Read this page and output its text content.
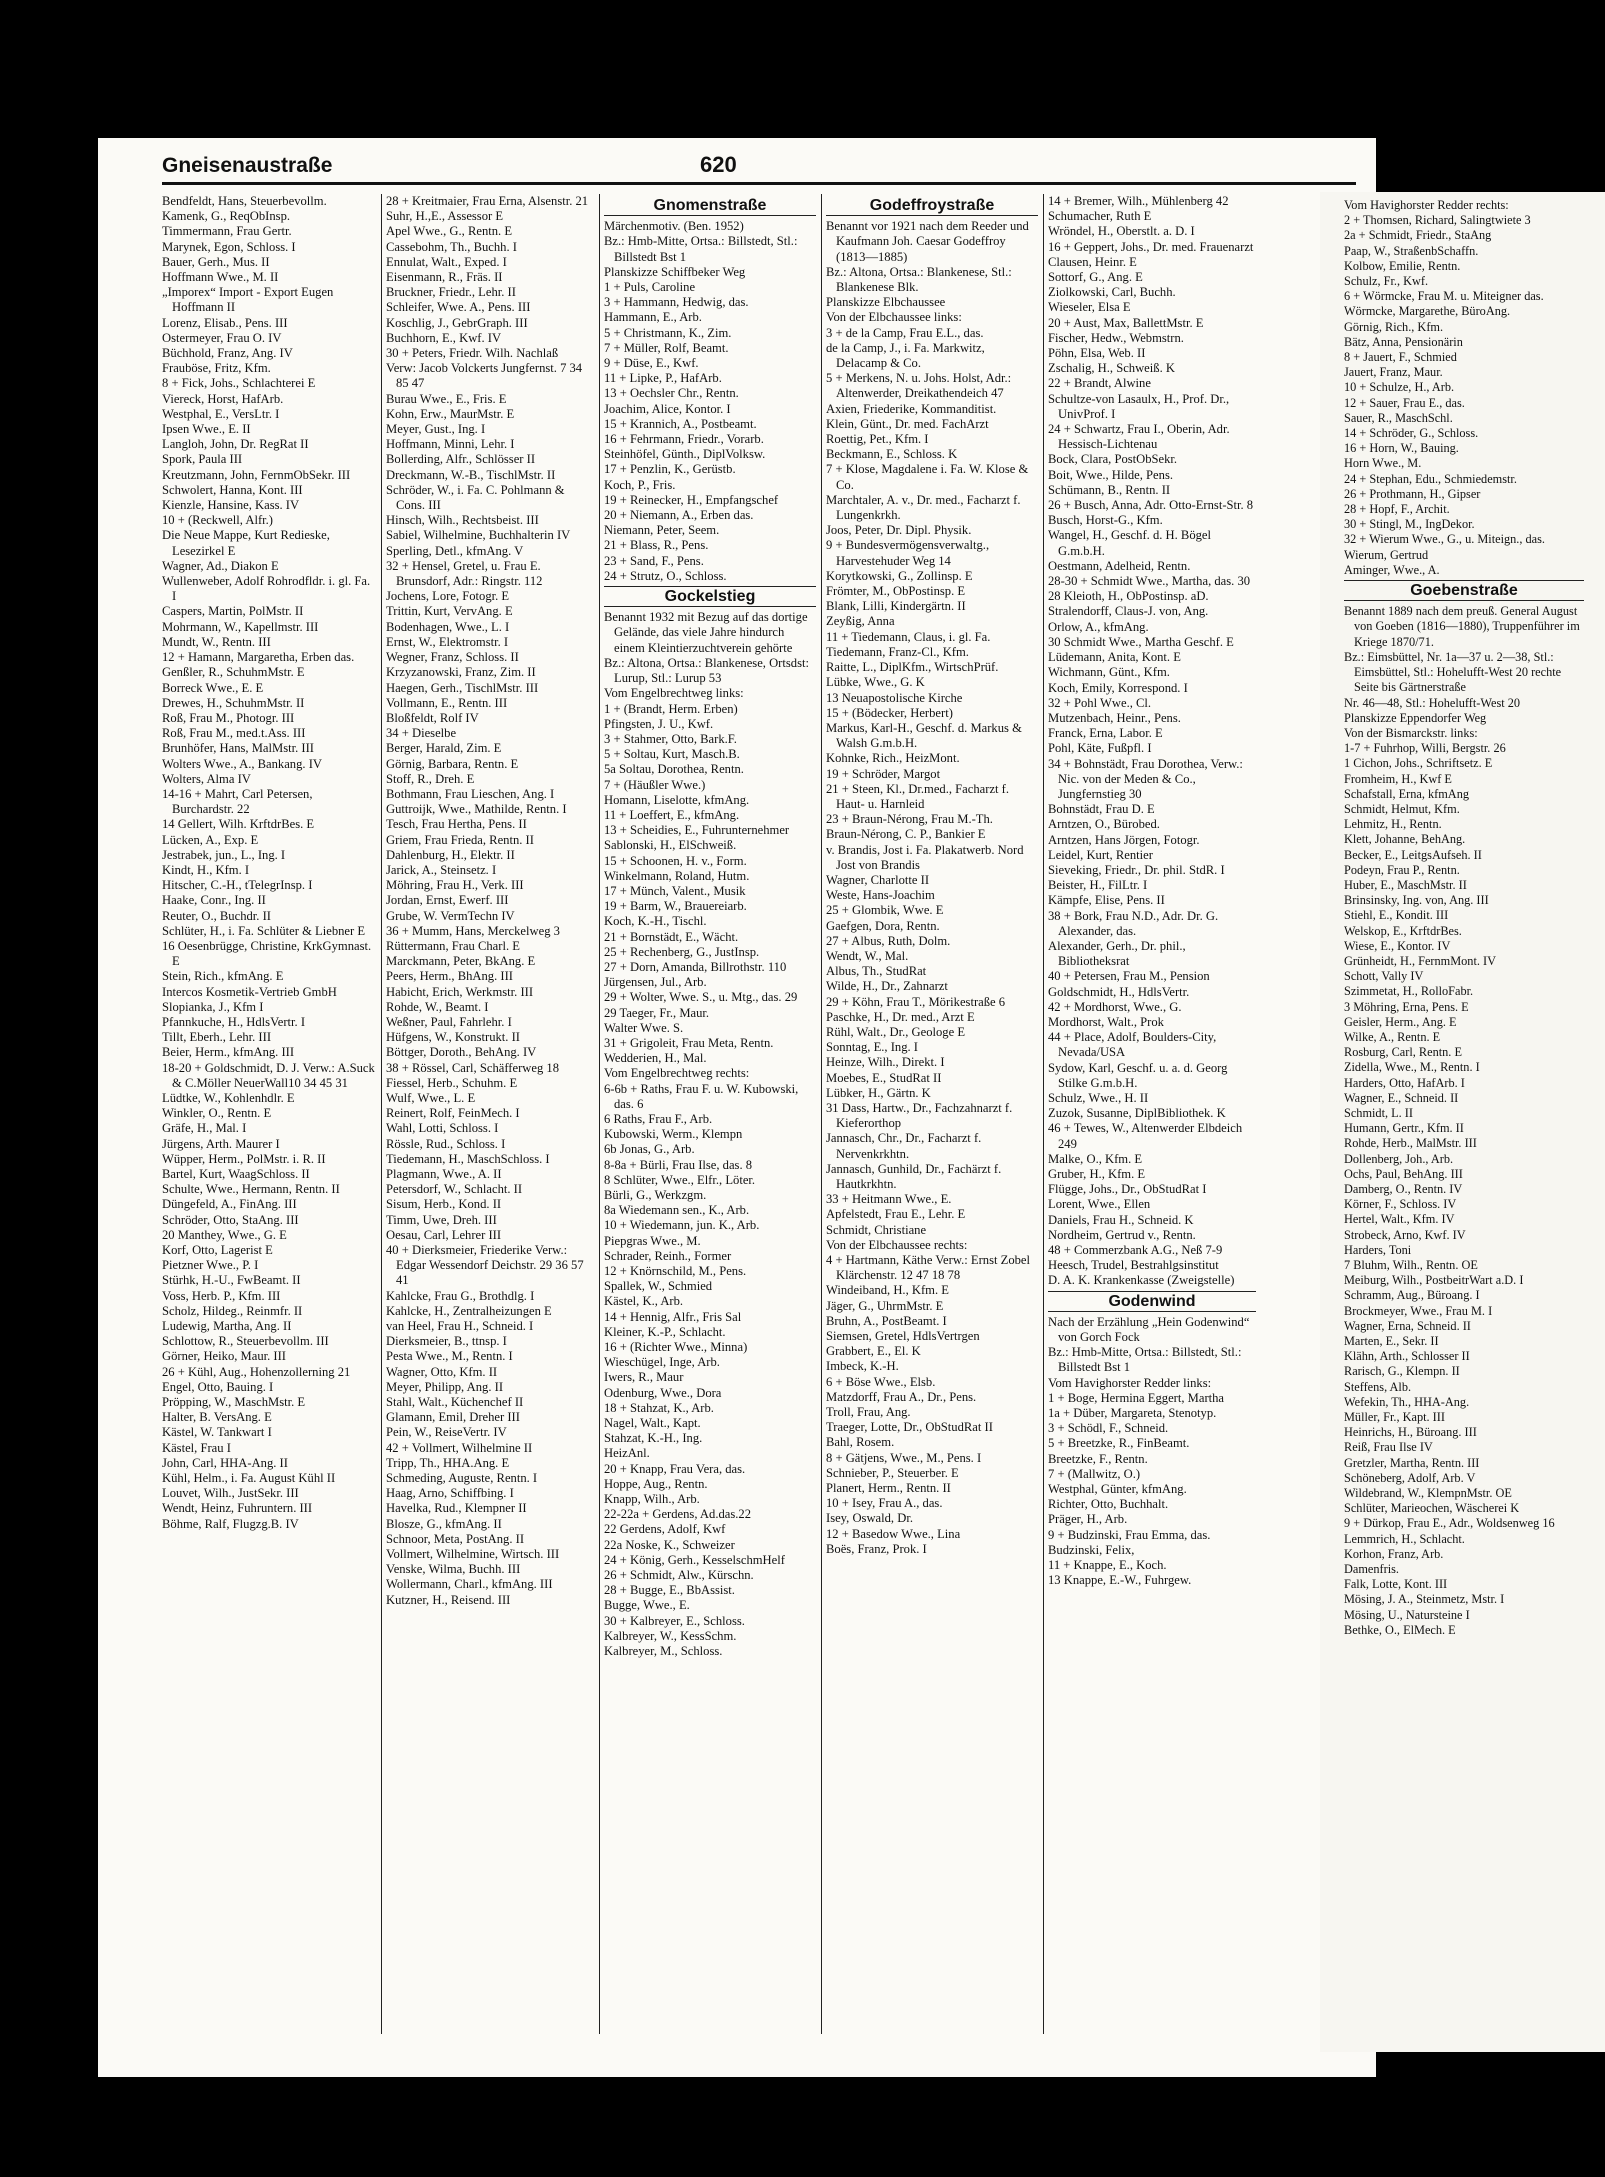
Gneisenaustraße	620

Bendfeldt, Hans, Steuerbevollm.

Kamenk, G., ReqObInsp.

Timmermann, Frau Gertr.

Marynek, Egon, Schloss. I

Bauer, Gerh., Mus. II

Hoffmann Wwe., M. II

„Imporex“ Import - Export Eugen Hoffmann II

Lorenz, Elisab., Pens. III

Ostermeyer, Frau O. IV

Büchhold, Franz, Ang. IV

Frauböse, Fritz, Kfm.

8 + Fick, Johs., Schlachterei E

Viereck, Horst, HafArb.

Westphal, E., VersLtr. I

Ipsen Wwe., E. II

Langloh, John, Dr. RegRat II

Spork, Paula III

Kreutzmann, John, FernmObSekr. III

Schwolert, Hanna, Kont. III

Kienzle, Hansine, Kass. IV

10 + (Reckwell, Alfr.)

Die Neue Mappe, Kurt Redieske, Lesezirkel E

Wagner, Ad., Diakon E

Wullenweber, Adolf Rohrodfldr. i. gl. Fa. I

Caspers, Martin, PolMstr. II

Mohrmann, W., Kapellmstr. III

Mundt, W., Rentn. III

12 + Hamann, Margaretha, Erben das.

Genßler, R., SchuhmMstr. E

Borreck Wwe., E. E

Drewes, H., SchuhmMstr. II

Roß, Frau M., Photogr. III

Roß, Frau M., med.t.Ass. III

Brunhöfer, Hans, MalMstr. III

Wolters Wwe., A., Bankang. IV

Wolters, Alma IV

14-16 + Mahrt, Carl Petersen, Burchardstr. 22

14 Gellert, Wilh. KrftdrBes. E

Lücken, A., Exp. E

Jestrabek, jun., L., Ing. I

Kindt, H., Kfm. I

Hitscher, C.-H., tTelegrInsp. I

Haake, Conr., Ing. II

Reuter, O., Buchdr. II

Schlüter, H., i. Fa. Schlüter & Liebner E

16 Oesenbrügge, Christine, KrkGymnast. E

Stein, Rich., kfmAng. E

Intercos Kosmetik-Vertrieb GmbH

Slopianka, J., Kfm I

Pfannkuche, H., HdlsVertr. I

Tillt, Eberh., Lehr. III

Beier, Herm., kfmAng. III

18-20 + Goldschmidt, D. J. Verw.: A.Suck & C.Möller NeuerWall10 34 45 31

Lüdtke, W., Kohlenhdlr. E

Winkler, O., Rentn. E

Gräfe, H., Mal. I

Jürgens, Arth. Maurer I

Wüpper, Herm., PolMstr. i. R. II

Bartel, Kurt, WaagSchloss. II

Schulte, Wwe., Hermann, Rentn. II

Düngefeld, A., FinAng. III

Schröder, Otto, StaAng. III

20 Manthey, Wwe., G. E

Korf, Otto, Lagerist E

Pietzner Wwe., P. I

Stürhk, H.-U., FwBeamt. II

Voss, Herb. P., Kfm. III

Scholz, Hildeg., Reinmfr. II

Ludewig, Martha, Ang. II

Schlottow, R., Steuerbevollm. III

Görner, Heiko, Maur. III

26 + Kühl, Aug., Hohenzollerning 21

Engel, Otto, Bauing. I

Pröpping, W., MaschMstr. E

Halter, B. VersAng. E

Kästel, W. Tankwart I

Kästel, Frau I

John, Carl, HHA-Ang. II

Kühl, Helm., i. Fa. August Kühl II

Louvet, Wilh., JustSekr. III

Wendt, Heinz, Fuhruntern. III

Böhme, Ralf, Flugzg.B. IV

28 + Kreitmaier, Frau Erna, Alsenstr. 21

Suhr, H.,E., Assessor E

Apel Wwe., G., Rentn. E

Cassebohm, Th., Buchh. I

Ennulat, Walt., Exped. I

Eisenmann, R., Fräs. II

Bruckner, Friedr., Lehr. II

Schleifer, Wwe. A., Pens. III

Koschlig, J., GebrGraph. III

Buchhorn, E., Kwf. IV

30 + Peters, Friedr. Wilh. Nachlaß

Verw: Jacob Volckerts Jungfernst. 7 34 85 47

Burau Wwe., E., Fris. E

Kohn, Erw., MaurMstr. E

Meyer, Gust., Ing. I

Hoffmann, Minni, Lehr. I

Bollerding, Alfr., Schlösser II

Dreckmann, W.-B., TischlMstr. II

Schröder, W., i. Fa. C. Pohlmann & Cons. III

Hinsch, Wilh., Rechtsbeist. III

Sabiel, Wilhelmine, Buchhalterin IV

Sperling, Detl., kfmAng. V

32 + Hensel, Gretel, u. Frau E. Brunsdorf, Adr.: Ringstr. 112

Jochens, Lore, Fotogr. E

Trittin, Kurt, VervAng. E

Bodenhagen, Wwe., L. I

Ernst, W., Elektromstr. I

Wegner, Franz, Schloss. II

Krzyzanowski, Franz, Zim. II

Haegen, Gerh., TischlMstr. III

Vollmann, E., Rentn. III

Bloßfeldt, Rolf IV

34 + Dieselbe

Berger, Harald, Zim. E

Görnig, Barbara, Rentn. E

Stoff, R., Dreh. E

Bothmann, Frau Lieschen, Ang. I

Guttroijk, Wwe., Mathilde, Rentn. I

Tesch, Frau Hertha, Pens. II

Griem, Frau Frieda, Rentn. II

Dahlenburg, H., Elektr. II

Jarick, A., Steinsetz. I

Möhring, Frau H., Verk. III

Jordan, Ernst, Ewerf. III

Grube, W. VermTechn IV

36 + Mumm, Hans, Merckelweg 3

Rüttermann, Frau Charl. E

Marckmann, Peter, BkAng. E

Peers, Herm., BhAng. III

Habicht, Erich, Werkmstr. III

Rohde, W., Beamt. I

Weßner, Paul, Fahrlehr. I

Hüfgens, W., Konstrukt. II

Böttger, Doroth., BehAng. IV

38 + Rössel, Carl, Schäfferweg 18

Fiessel, Herb., Schuhm. E

Wulf, Wwe., L. E

Reinert, Rolf, FeinMech. I

Wahl, Lotti, Schloss. I

Rössle, Rud., Schloss. I

Tiedemann, H., MaschSchloss. I

Plagmann, Wwe., A. II

Petersdorf, W., Schlacht. II

Sisum, Herb., Kond. II

Timm, Uwe, Dreh. III

Oesau, Carl, Lehrer III

40 + Dierksmeier, Friederike Verw.: Edgar Wessendorf Deichstr. 29 36 57 41

Kahlcke, Frau G., Brothdlg. I

Kahlcke, H., Zentralheizungen E

van Heel, Frau H., Schneid. I

Dierksmeier, B., ttnsp. I

Pesta Wwe., M., Rentn. I

Wagner, Otto, Kfm. II

Meyer, Philipp, Ang. II

Stahl, Walt., Küchenchef II

Glamann, Emil, Dreher III

Pein, W., ReiseVertr. IV

42 + Vollmert, Wilhelmine II

Tripp, Th., HHA.Ang. E

Schmeding, Auguste, Rentn. I

Haag, Arno, Schiffbing. I

Havelka, Rud., Klempner II

Blosze, G., kfmAng. II

Schnoor, Meta, PostAng. II

Vollmert, Wilhelmine, Wirtsch. III

Venske, Wilma, Buchh. III

Wollermann, Charl., kfmAng. III

Kutzner, H., Reisend. III

Gnomenstraße

Märchenmotiv. (Ben. 1952)

Bz.: Hmb-Mitte, Ortsa.: Billstedt, Stl.: Billstedt Bst 1

Planskizze Schiffbeker Weg

1 + Puls, Caroline

3 + Hammann, Hedwig, das.

Hammann, E., Arb.

5 + Christmann, K., Zim.

7 + Müller, Rolf, Beamt.

9 + Düse, E., Kwf.

11 + Lipke, P., HafArb.

13 + Oechsler Chr., Rentn.

Joachim, Alice, Kontor. I

15 + Krannich, A., Postbeamt.

16 + Fehrmann, Friedr., Vorarb.

Steinhöfel, Günth., DiplVolksw.

17 + Penzlin, K., Gerüstb.

Koch, P., Fris.

19 + Reinecker, H., Empfangschef

20 + Niemann, A., Erben das.

Niemann, Peter, Seem.

21 + Blass, R., Pens.

23 + Sand, F., Pens.

24 + Strutz, O., Schloss.

Gockelstieg

Benannt 1932 mit Bezug auf das dortige Gelände, das viele Jahre hindurch einem Kleintierzuchtverein gehörte

Bz.: Altona, Ortsa.: Blankenese, Ortsdst: Lurup, Stl.: Lurup 53

Vom Engelbrechtweg links:

1 + (Brandt, Herm. Erben)

Pfingsten, J. U., Kwf.

3 + Stahmer, Otto, Bark.F.

5 + Soltau, Kurt, Masch.B.

5a Soltau, Dorothea, Rentn.

7 + (Häußler Wwe.)

Homann, Liselotte, kfmAng.

11 + Loeffert, E., kfmAng.

13 + Scheidies, E., Fuhrunternehmer

Sablonski, H., ElSchweiß.

15 + Schoonen, H. v., Form.

Winkelmann, Roland, Hutm.

17 + Münch, Valent., Musik

19 + Barm, W., Brauereiarb.

Koch, K.-H., Tischl.

21 + Bornstädt, E., Wächt.

25 + Rechenberg, G., JustInsp.

27 + Dorn, Amanda, Billrothstr. 110

Jürgensen, Jul., Arb.

29 + Wolter, Wwe. S., u. Mtg., das. 29

29 Taeger, Fr., Maur.

Walter Wwe. S.

31 + Grigoleit, Frau Meta, Rentn.

Wedderien, H., Mal.

Vom Engelbrechtweg rechts:

6-6b + Raths, Frau F. u. W. Kubowski, das. 6

6 Raths, Frau F., Arb.

Kubowski, Werm., Klempn

6b Jonas, G., Arb.

8-8a + Bürli, Frau Ilse, das. 8

8 Schlüter, Wwe., Elfr., Löter.

Bürli, G., Werkzgm.

8a Wiedemann sen., K., Arb.

10 + Wiedemann, jun. K., Arb.

Piepgras Wwe., M.

Schrader, Reinh., Former

12 + Knörnschild, M., Pens.

Spallek, W., Schmied

Kästel, K., Arb.

14 + Hennig, Alfr., Fris Sal

Kleiner, K.-P., Schlacht.

16 + (Richter Wwe., Minna)

Wieschügel, Inge, Arb.

Iwers, R., Maur

Odenburg, Wwe., Dora

18 + Stahzat, K., Arb.

Nagel, Walt., Kapt.

Stahzat, K.-H., Ing.

HeizAnl.

20 + Knapp, Frau Vera, das.

Hoppe, Aug., Rentn.

Knapp, Wilh., Arb.

22-22a + Gerdens, Ad.das.22

22 Gerdens, Adolf, Kwf

22a Noske, K., Schweizer

24 + König, Gerh., KesselschmHelf

26 + Schmidt, Alw., Kürschn.

28 + Bugge, E., BbAssist.

Bugge, Wwe., E.

30 + Kalbreyer, E., Schloss.

Kalbreyer, W., KessSchm.

Kalbreyer, M., Schloss.

Godeffroystraße

Benannt vor 1921 nach dem Reeder und Kaufmann Joh. Caesar Godeffroy (1813—1885)

Bz.: Altona, Ortsa.: Blankenese, Stl.: Blankenese Blk.

Planskizze Elbchaussee

Von der Elbchaussee links:

3 + de la Camp, Frau E.L., das.

de la Camp, J., i. Fa. Markwitz, Delacamp & Co.

5 + Merkens, N. u. Johs. Holst, Adr.: Altenwerder, Dreikathendeich 47

Axien, Friederike, Kommanditist.

Klein, Günt., Dr. med. FachArzt

Roettig, Pet., Kfm. I

Beckmann, E., Schloss. K

7 + Klose, Magdalene i. Fa. W. Klose & Co.

Marchtaler, A. v., Dr. med., Facharzt f. Lungenkrkh.

Joos, Peter, Dr. Dipl. Physik.

9 + Bundesvermögensverwaltg., Harvestehuder Weg 14

Korytkowski, G., Zollinsp. E

Frömter, M., ObPostinsp. E

Blank, Lilli, Kindergärtn. II

Zeyßig, Anna

11 + Tiedemann, Claus, i. gl. Fa.

Tiedemann, Franz-Cl., Kfm.

Raitte, L., DiplKfm., WirtschPrüf.

Lübke, Wwe., G. K

13 Neuapostolische Kirche

15 + (Bödecker, Herbert)

Markus, Karl-H., Geschf. d. Markus & Walsh G.m.b.H.

Kohnke, Rich., HeizMont.

19 + Schröder, Margot

21 + Steen, Kl., Dr.med., Facharzt f. Haut- u. Harnleid

23 + Braun-Nérong, Frau M.-Th.

Braun-Nérong, C. P., Bankier E

v. Brandis, Jost i. Fa. Plakatwerb. Nord Jost von Brandis

Wagner, Charlotte II

Weste, Hans-Joachim

25 + Glombik, Wwe. E

Gaefgen, Dora, Rentn.

27 + Albus, Ruth, Dolm.

Wendt, W., Mal.

Albus, Th., StudRat

Wilde, H., Dr., Zahnarzt

29 + Köhn, Frau T., Mörikestraße 6

Paschke, H., Dr. med., Arzt E

Rühl, Walt., Dr., Geologe E

Sonntag, E., Ing. I

Heinze, Wilh., Direkt. I

Moebes, E., StudRat II

Lübker, H., Gärtn. K

31 Dass, Hartw., Dr., Fachzahnarzt f. Kieferorthop

Jannasch, Chr., Dr., Facharzt f. Nervenkrkhtn.

Jannasch, Gunhild, Dr., Fachärzt f. Hautkrkhtn.

33 + Heitmann Wwe., E.

Apfelstedt, Frau E., Lehr. E

Schmidt, Christiane

Von der Elbchaussee rechts:

4 + Hartmann, Käthe Verw.: Ernst Zobel Klärchenstr. 12 47 18 78

Windeiband, H., Kfm. E

Jäger, G., UhrmMstr. E

Bruhn, A., PostBeamt. I

Siemsen, Gretel, HdlsVertrgen

Grabbert, E., El. K

Imbeck, K.-H.

6 + Böse Wwe., Elsb.

Matzdorff, Frau A., Dr., Pens.

Troll, Frau, Ang.

Traeger, Lotte, Dr., ObStudRat II

Bahl, Rosem.

8 + Gätjens, Wwe., M., Pens. I

Schnieber, P., Steuerber. E

Planert, Herm., Rentn. II

10 + Isey, Frau A., das.

Isey, Oswald, Dr.

12 + Basedow Wwe., Lina

Boës, Franz, Prok. I

14 + Bremer, Wilh., Mühlenberg 42

Schumacher, Ruth E

Wröndel, H., Oberstlt. a. D. I

16 + Geppert, Johs., Dr. med. Frauenarzt

Clausen, Heinr. E

Sottorf, G., Ang. E

Ziolkowski, Carl, Buchh.

Wieseler, Elsa E

20 + Aust, Max, BallettMstr. E

Fischer, Hedw., Webmstrn.

Pöhn, Elsa, Web. II

Zschalig, H., Schweiß. K

22 + Brandt, Alwine

Schultze-von Lasaulx, H., Prof. Dr., UnivProf. I

24 + Schwartz, Frau I., Oberin, Adr. Hessisch-Lichtenau

Bock, Clara, PostObSekr.

Boit, Wwe., Hilde, Pens.

Schümann, B., Rentn. II

26 + Busch, Anna, Adr. Otto-Ernst-Str. 8

Busch, Horst-G., Kfm.

Wangel, H., Geschf. d. H. Bögel G.m.b.H.

Oestmann, Adelheid, Rentn.

28-30 + Schmidt Wwe., Martha, das. 30

28 Kleioth, H., ObPostinsp. aD.

Stralendorff, Claus-J. von, Ang.

Orlow, A., kfmAng.

30 Schmidt Wwe., Martha Geschf. E

Lüdemann, Anita, Kont. E

Wichmann, Günt., Kfm.

Koch, Emily, Korrespond. I

32 + Pohl Wwe., Cl.

Mutzenbach, Heinr., Pens.

Franck, Erna, Labor. E

Pohl, Käte, Fußpfl. I

34 + Bohnstädt, Frau Dorothea, Verw.: Nic. von der Meden & Co., Jungfernstieg 30

Bohnstädt, Frau D. E

Arntzen, O., Bürobed.

Arntzen, Hans Jörgen, Fotogr.

Leidel, Kurt, Rentier

Sieveking, Friedr., Dr. phil. StdR. I

Beister, H., FilLtr. I

Kämpfe, Elise, Pens. II

38 + Bork, Frau N.D., Adr. Dr. G. Alexander, das.

Alexander, Gerh., Dr. phil., Bibliotheksrat

40 + Petersen, Frau M., Pension

Goldschmidt, H., HdlsVertr.

42 + Mordhorst, Wwe., G.

Mordhorst, Walt., Prok

44 + Place, Adolf, Boulders-City, Nevada/USA

Sydow, Karl, Geschf. u. a. d. Georg Stilke G.m.b.H.

Schulz, Wwe., H. II

Zuzok, Susanne, DiplBibliothek. K

46 + Tewes, W., Altenwerder Elbdeich 249

Malke, O., Kfm. E

Gruber, H., Kfm. E

Flügge, Johs., Dr., ObStudRat I

Lorent, Wwe., Ellen

Daniels, Frau H., Schneid. K

Nordheim, Gertrud v., Rentn.

48 + Commerzbank A.G., Neß 7-9

Heesch, Trudel, Bestrahlgsinstitut

D. A. K. Krankenkasse (Zweigstelle)

Godenwind

Nach der Erzählung „Hein Godenwind“ von Gorch Fock

Bz.: Hmb-Mitte, Ortsa.: Billstedt, Stl.: Billstedt Bst 1

Vom Havighorster Redder links:

1 + Boge, Hermina Eggert, Martha

1a + Düber, Margareta, Stenotyp.

3 + Schödl, F., Schneid.

5 + Breetzke, R., FinBeamt.

Breetzke, F., Rentn.

7 + (Mallwitz, O.)

Westphal, Günter, kfmAng.

Richter, Otto, Buchhalt.

Präger, H., Arb.

9 + Budzinski, Frau Emma, das.

Budzinski, Felix,

11 + Knappe, E., Koch.

13 Knappe, E.-W., Fuhrgew.

Vom Havighorster Redder rechts:

2 + Thomsen, Richard, Salingtwiete 3

2a + Schmidt, Friedr., StaAng

Paap, W., StraßenbSchaffn.

Kolbow, Emilie, Rentn.

Schulz, Fr., Kwf.

6 + Wörmcke, Frau M. u. Miteigner das.

Wörmcke, Margarethe, BüroAng.

Görnig, Rich., Kfm.

Bätz, Anna, Pensionärin

8 + Jauert, F., Schmied

Jauert, Franz, Maur.

10 + Schulze, H., Arb.

12 + Sauer, Frau E., das.

Sauer, R., MaschSchl.

14 + Schröder, G., Schloss.

16 + Horn, W., Bauing.

Horn Wwe., M.

24 + Stephan, Edu., Schmiedemstr.

26 + Prothmann, H., Gipser

28 + Hopf, F., Archit.

30 + Stingl, M., IngDekor.

32 + Wierum Wwe., G., u. Miteign., das.

Wierum, Gertrud

Aminger, Wwe., A.

Goebenstraße

Benannt 1889 nach dem preuß. General August von Goeben (1816—1880), Truppenführer im Kriege 1870/71.

Bz.: Eimsbüttel, Nr. 1a—37 u. 2—38, Stl.: Eimsbüttel, Stl.: Hohelufft-West 20 rechte Seite bis Gärtnerstraße

Nr. 46—48, Stl.: Hohelufft-West 20

Planskizze Eppendorfer Weg

Von der Bismarckstr. links:

1-7 + Fuhrhop, Willi, Bergstr. 26

1 Cichon, Johs., Schriftsetz. E

Fromheim, H., Kwf E

Schafstall, Erna, kfmAng

Schmidt, Helmut, Kfm.

Lehmitz, H., Rentn.

Klett, Johanne, BehAng.

Becker, E., LeitgsAufseh. II

Podeyn, Frau P., Rentn.

Huber, E., MaschMstr. II

Brinsinsky, Ing. von, Ang. III

Stiehl, E., Kondit. III

Welskop, E., KrftdrBes.

Wiese, E., Kontor. IV

Grünheidt, H., FernmMont. IV

Schott, Vally IV

Szimmetat, H., RolloFabr.

3 Möhring, Erna, Pens. E

Geisler, Herm., Ang. E

Wilke, A., Rentn. E

Rosburg, Carl, Rentn. E

Zidella, Wwe., M., Rentn. I

Harders, Otto, HafArb. I

Wagner, E., Schneid. II

Schmidt, L. II

Humann, Gertr., Kfm. II

Rohde, Herb., MalMstr. III

Dollenberg, Joh., Arb.

Ochs, Paul, BehAng. III

Damberg, O., Rentn. IV

Körner, F., Schloss. IV

Hertel, Walt., Kfm. IV

Strobeck, Arno, Kwf. IV

Harders, Toni

7 Bluhm, Wilh., Rentn. OE

Meiburg, Wilh., PostbeitrWart a.D. I

Schramm, Aug., Büroang. I

Brockmeyer, Wwe., Frau M. I

Wagner, Erna, Schneid. II

Marten, E., Sekr. II

Klähn, Arth., Schlosser II

Rarisch, G., Klempn. II

Steffens, Alb.

Wefekin, Th., HHA-Ang.

Müller, Fr., Kapt. III

Heinrichs, H., Büroang. III

Reiß, Frau Ilse IV

Gretzler, Martha, Rentn. III

Schöneberg, Adolf, Arb. V

Wildebrand, W., KlempnMstr. OE

Schlüter, Marieochen, Wäscherei K

9 + Dürkop, Frau E., Adr., Woldsenweg 16

Lemmrich, H., Schlacht.

Korhon, Franz, Arb.

Damenfris.

Falk, Lotte, Kont. III

Mösing, J. A., Steinmetz, Mstr. I

Mösing, U., Natursteine I

Bethke, O., ElMech. E
